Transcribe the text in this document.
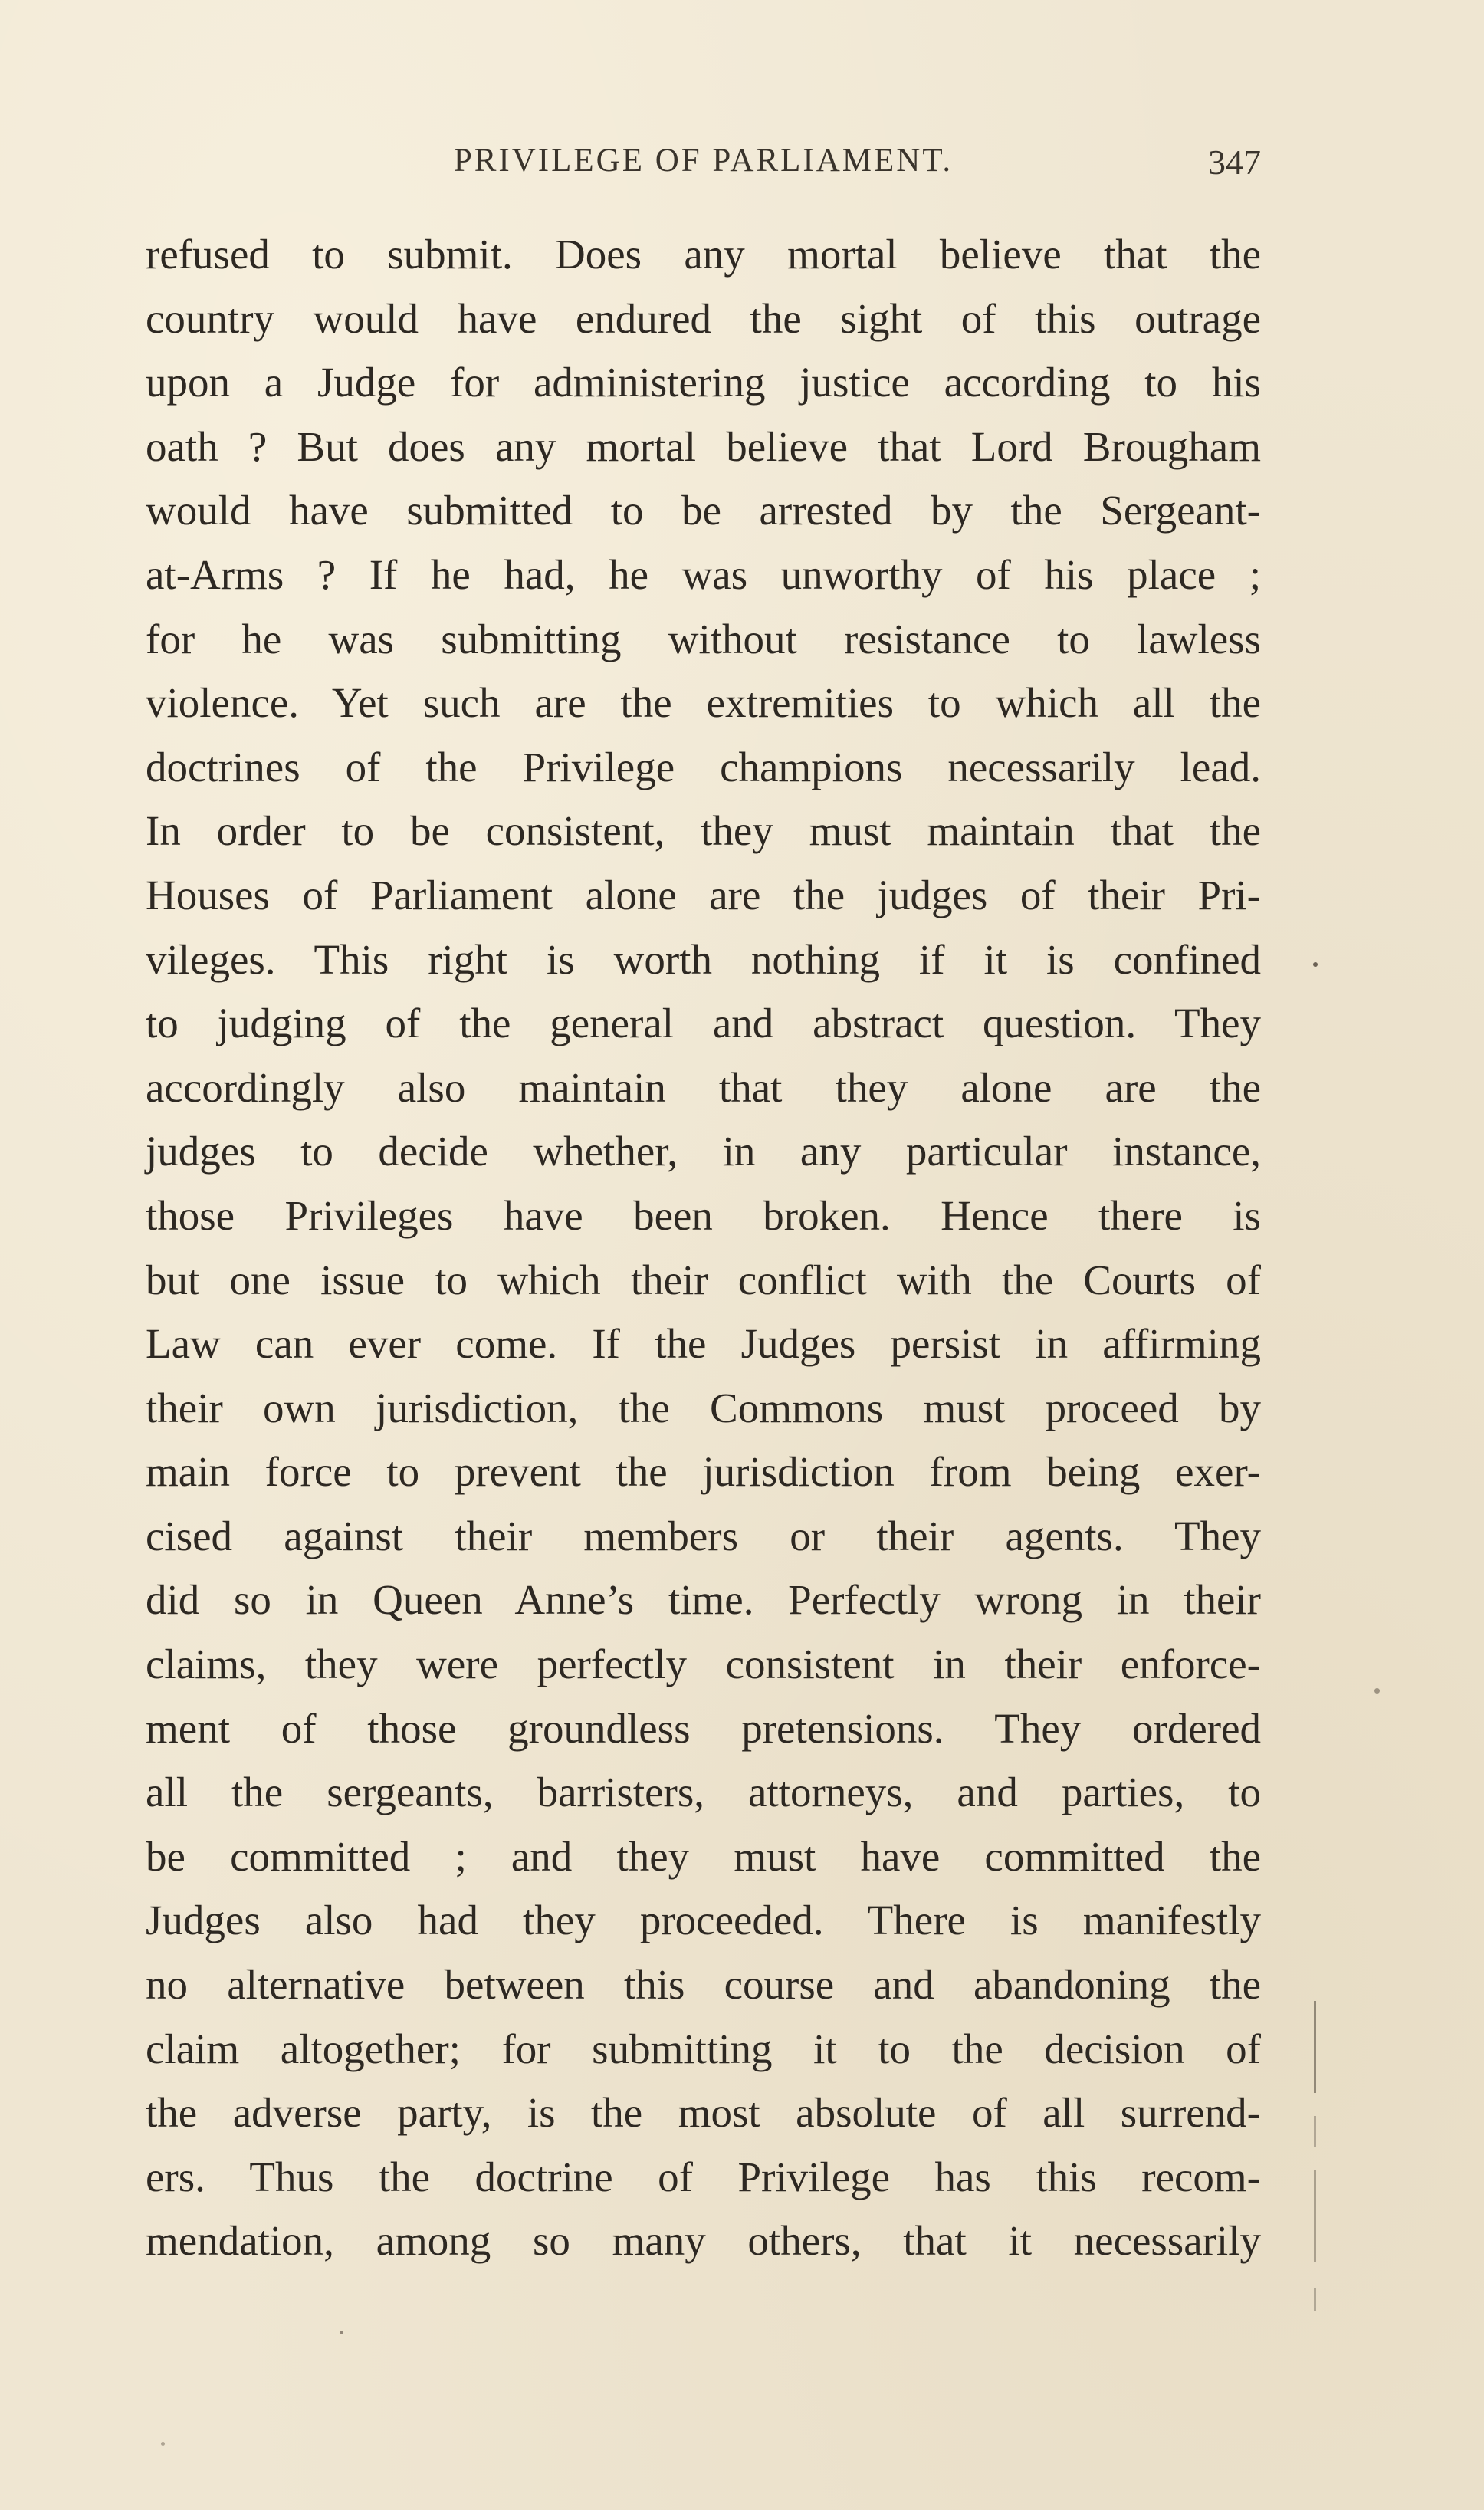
PRIVILEGE OF PARLIAMENT.	347
refused to submit. Does any mortal believe that the
country would have endured the sight of this outrage
upon a Judge for administering justice according to his
oath ? But does any mortal believe that Lord Brougham
would have submitted to be arrested by the Sergeant-
at-Arms ? If he had, he was unworthy of his place ;
for he was submitting without resistance to lawless
violence. Yet such are the extremities to which all the
doctrines of the Privilege champions necessarily lead.
In order to be consistent, they must maintain that the
Houses of Parliament alone are the judges of their Pri-
vileges. This right is worth nothing if it is confined
to judging of the general and abstract question. They
accordingly also maintain that they alone are the
judges to decide whether, in any particular instance,
those Privileges have been broken. Hence there is
but one issue to which their conflict with the Courts of
Law can ever come. If the Judges persist in affirming
their own jurisdiction, the Commons must proceed by
main force to prevent the jurisdiction from being exer-
cised against their members or their agents. They
did so in Queen Anne’s time. Perfectly wrong in their
claims, they were perfectly consistent in their enforce-
ment of those groundless pretensions. They ordered
all the sergeants, barristers, attorneys, and parties, to
be committed ; and they must have committed the
Judges also had they proceeded. There is manifestly
no alternative between this course and abandoning the
claim altogether; for submitting it to the decision of
the adverse party, is the most absolute of all surrend-
ers. Thus the doctrine of Privilege has this recom-
mendation, among so many others, that it necessarily
